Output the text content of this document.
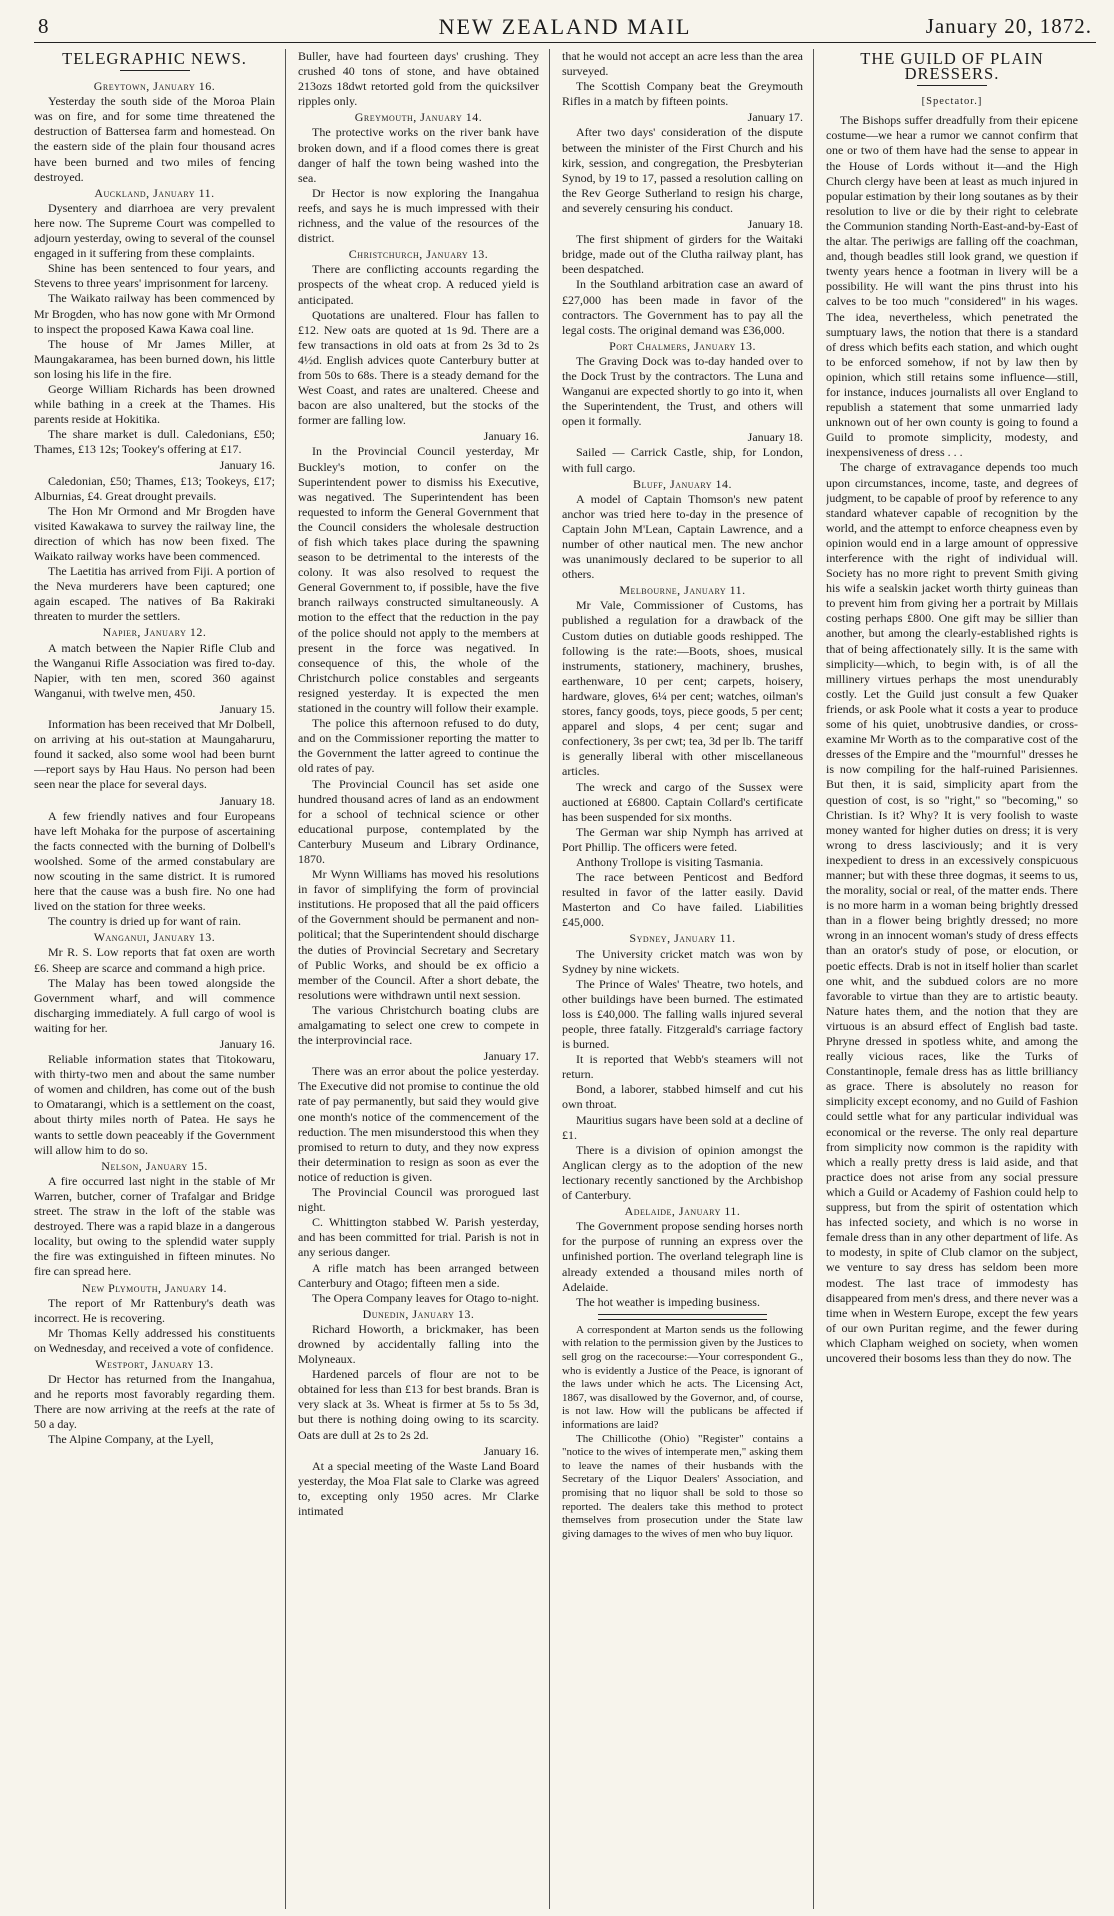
8	NEW ZEALAND MAIL	January 20, 1872.
TELEGRAPHIC NEWS.
Greytown, January 16.
Yesterday the south side of the Moroa Plain was on fire, and for some time threatened the destruction of Battersea farm and homestead. On the eastern side of the plain four thousand acres have been burned and two miles of fencing destroyed.
Auckland, January 11.
Dysentery and diarrhoea are very prevalent here now. The Supreme Court was compelled to adjourn yesterday, owing to several of the counsel engaged in it suffering from these complaints.
Shine has been sentenced to four years, and Stevens to three years' imprisonment for larceny.
The Waikato railway has been commenced by Mr Brogden, who has now gone with Mr Ormond to inspect the proposed Kawa Kawa coal line.
The house of Mr James Miller, at Maungakaramea, has been burned down, his little son losing his life in the fire.
George William Richards has been drowned while bathing in a creek at the Thames. His parents reside at Hokitika.
The share market is dull. Caledonians, £50; Thames, £13 12s; Tookey's offering at £17.
January 16.
Caledonian, £50; Thames, £13; Tookeys, £17; Alburnias, £4. Great drought prevails.
The Hon Mr Ormond and Mr Brogden have visited Kawakawa to survey the railway line, the direction of which has now been fixed. The Waikato railway works have been commenced.
The Laetitia has arrived from Fiji. A portion of the Neva murderers have been captured; one again escaped. The natives of Ba Rakiraki threaten to murder the settlers.
Napier, January 12.
A match between the Napier Rifle Club and the Wanganui Rifle Association was fired to-day. Napier, with ten men, scored 360 against Wanganui, with twelve men, 450.
January 15.
Information has been received that Mr Dolbell, on arriving at his out-station at Maungaharuru, found it sacked, also some wool had been burnt —report says by Hau Haus. No person had been seen near the place for several days.
January 18.
A few friendly natives and four Europeans have left Mohaka for the purpose of ascertaining the facts connected with the burning of Dolbell's woolshed. Some of the armed constabulary are now scouting in the same district. It is rumored here that the cause was a bush fire. No one had lived on the station for three weeks.
The country is dried up for want of rain.
Wanganui, January 13.
Mr R. S. Low reports that fat oxen are worth £6. Sheep are scarce and command a high price.
The Malay has been towed alongside the Government wharf, and will commence discharging immediately. A full cargo of wool is waiting for her.
January 16.
Reliable information states that Titokowaru, with thirty-two men and about the same number of women and children, has come out of the bush to Omatarangi, which is a settlement on the coast, about thirty miles north of Patea. He says he wants to settle down peaceably if the Government will allow him to do so.
Nelson, January 15.
A fire occurred last night in the stable of Mr Warren, butcher, corner of Trafalgar and Bridge street. The straw in the loft of the stable was destroyed. There was a rapid blaze in a dangerous locality, but owing to the splendid water supply the fire was extinguished in fifteen minutes. No fire can spread here.
New Plymouth, January 14.
The report of Mr Rattenbury's death was incorrect. He is recovering.
Mr Thomas Kelly addressed his constituents on Wednesday, and received a vote of confidence.
Westport, January 13.
Dr Hector has returned from the Inangahua, and he reports most favorably regarding them. There are now arriving at the reefs at the rate of 50 a day.
The Alpine Company, at the Lyell,
Buller, have had fourteen days' crushing. They crushed 40 tons of stone, and have obtained 213ozs 18dwt retorted gold from the quicksilver ripples only.
Greymouth, January 14.
The protective works on the river bank have broken down, and if a flood comes there is great danger of half the town being washed into the sea.
Dr Hector is now exploring the Inangahua reefs, and says he is much impressed with their richness, and the value of the resources of the district.
Christchurch, January 13.
There are conflicting accounts regarding the prospects of the wheat crop. A reduced yield is anticipated.
Quotations are unaltered. Flour has fallen to £12. New oats are quoted at 1s 9d. There are a few transactions in old oats at from 2s 3d to 2s 4½d. English advices quote Canterbury butter at from 50s to 68s. There is a steady demand for the West Coast, and rates are unaltered. Cheese and bacon are also unaltered, but the stocks of the former are falling low.
January 16.
In the Provincial Council yesterday, Mr Buckley's motion, to confer on the Superintendent power to dismiss his Executive, was negatived. The Superintendent has been requested to inform the General Government that the Council considers the wholesale destruction of fish which takes place during the spawning season to be detrimental to the interests of the colony. It was also resolved to request the General Government to, if possible, have the five branch railways constructed simultaneously. A motion to the effect that the reduction in the pay of the police should not apply to the members at present in the force was negatived. In consequence of this, the whole of the Christchurch police constables and sergeants resigned yesterday. It is expected the men stationed in the country will follow their example.
The police this afternoon refused to do duty, and on the Commissioner reporting the matter to the Government the latter agreed to continue the old rates of pay.
The Provincial Council has set aside one hundred thousand acres of land as an endowment for a school of technical science or other educational purpose, contemplated by the Canterbury Museum and Library Ordinance, 1870.
Mr Wynn Williams has moved his resolutions in favor of simplifying the form of provincial institutions. He proposed that all the paid officers of the Government should be permanent and non-political; that the Superintendent should discharge the duties of Provincial Secretary and Secretary of Public Works, and should be ex officio a member of the Council. After a short debate, the resolutions were withdrawn until next session.
The various Christchurch boating clubs are amalgamating to select one crew to compete in the interprovincial race.
January 17.
There was an error about the police yesterday. The Executive did not promise to continue the old rate of pay permanently, but said they would give one month's notice of the commencement of the reduction. The men misunderstood this when they promised to return to duty, and they now express their determination to resign as soon as ever the notice of reduction is given.
The Provincial Council was prorogued last night.
C. Whittington stabbed W. Parish yesterday, and has been committed for trial. Parish is not in any serious danger.
A rifle match has been arranged between Canterbury and Otago; fifteen men a side.
The Opera Company leaves for Otago to-night.
Dunedin, January 13.
Richard Howorth, a brickmaker, has been drowned by accidentally falling into the Molyneaux.
Hardened parcels of flour are not to be obtained for less than £13 for best brands. Bran is very slack at 3s. Wheat is firmer at 5s to 5s 3d, but there is nothing doing owing to its scarcity. Oats are dull at 2s to 2s 2d.
January 16.
At a special meeting of the Waste Land Board yesterday, the Moa Flat sale to Clarke was agreed to, excepting only 1950 acres. Mr Clarke intimated
that he would not accept an acre less than the area surveyed.
The Scottish Company beat the Greymouth Rifles in a match by fifteen points.
January 17.
After two days' consideration of the dispute between the minister of the First Church and his kirk, session, and congregation, the Presbyterian Synod, by 19 to 17, passed a resolution calling on the Rev George Sutherland to resign his charge, and severely censuring his conduct.
January 18.
The first shipment of girders for the Waitaki bridge, made out of the Clutha railway plant, has been despatched.
In the Southland arbitration case an award of £27,000 has been made in favor of the contractors. The Government has to pay all the legal costs. The original demand was £36,000.
Port Chalmers, January 13.
The Graving Dock was to-day handed over to the Dock Trust by the contractors. The Luna and Wanganui are expected shortly to go into it, when the Superintendent, the Trust, and others will open it formally.
January 18.
Sailed — Carrick Castle, ship, for London, with full cargo.
Bluff, January 14.
A model of Captain Thomson's new patent anchor was tried here to-day in the presence of Captain John M'Lean, Captain Lawrence, and a number of other nautical men. The new anchor was unanimously declared to be superior to all others.
Melbourne, January 11.
Mr Vale, Commissioner of Customs, has published a regulation for a drawback of the Custom duties on dutiable goods reshipped. The following is the rate:—Boots, shoes, musical instruments, stationery, machinery, brushes, earthenware, 10 per cent; carpets, hoisery, hardware, gloves, 6¼ per cent; watches, oilman's stores, fancy goods, toys, piece goods, 5 per cent; apparel and slops, 4 per cent; sugar and confectionery, 3s per cwt; tea, 3d per lb. The tariff is generally liberal with other miscellaneous articles.
The wreck and cargo of the Sussex were auctioned at £6800. Captain Collard's certificate has been suspended for six months.
The German war ship Nymph has arrived at Port Phillip. The officers were feted.
Anthony Trollope is visiting Tasmania.
The race between Penticost and Bedford resulted in favor of the latter easily. David Masterton and Co have failed. Liabilities £45,000.
Sydney, January 11.
The University cricket match was won by Sydney by nine wickets.
The Prince of Wales' Theatre, two hotels, and other buildings have been burned. The estimated loss is £40,000. The falling walls injured several people, three fatally. Fitzgerald's carriage factory is burned.
It is reported that Webb's steamers will not return.
Bond, a laborer, stabbed himself and cut his own throat.
Mauritius sugars have been sold at a decline of £1.
There is a division of opinion amongst the Anglican clergy as to the adoption of the new lectionary recently sanctioned by the Archbishop of Canterbury.
Adelaide, January 11.
The Government propose sending horses north for the purpose of running an express over the unfinished portion. The overland telegraph line is already extended a thousand miles north of Adelaide.
The hot weather is impeding business.
A correspondent at Marton sends us the following with relation to the permission given by the Justices to sell grog on the racecourse:—Your correspondent G., who is evidently a Justice of the Peace, is ignorant of the laws under which he acts. The Licensing Act, 1867, was disallowed by the Governor, and, of course, is not law. How will the publicans be affected if informations are laid?
The Chillicothe (Ohio) "Register" contains a "notice to the wives of intemperate men," asking them to leave the names of their husbands with the Secretary of the Liquor Dealers' Association, and promising that no liquor shall be sold to those so reported. The dealers take this method to protect themselves from prosecution under the State law giving damages to the wives of men who buy liquor.
THE GUILD OF PLAIN DRESSERS.
[Spectator.]
The Bishops suffer dreadfully from their epicene costume—we hear a rumor we cannot confirm that one or two of them have had the sense to appear in the House of Lords without it—and the High Church clergy have been at least as much injured in popular estimation by their long soutanes as by their resolution to live or die by their right to celebrate the Communion standing North-East-and-by-East of the altar. The periwigs are falling off the coachman, and, though beadles still look grand, we question if twenty years hence a footman in livery will be a possibility. He will want the pins thrust into his calves to be too much "considered" in his wages. The idea, nevertheless, which penetrated the sumptuary laws, the notion that there is a standard of dress which befits each station, and which ought to be enforced somehow, if not by law then by opinion, which still retains some influence—still, for instance, induces journalists all over England to republish a statement that some unmarried lady unknown out of her own county is going to found a Guild to promote simplicity, modesty, and inexpensiveness of dress . . .
The charge of extravagance depends too much upon circumstances, income, taste, and degrees of judgment, to be capable of proof by reference to any standard whatever capable of recognition by the world, and the attempt to enforce cheapness even by opinion would end in a large amount of oppressive interference with the right of individual will. Society has no more right to prevent Smith giving his wife a sealskin jacket worth thirty guineas than to prevent him from giving her a portrait by Millais costing perhaps £800. One gift may be sillier than another, but among the clearly-established rights is that of being affectionately silly. It is the same with simplicity—which, to begin with, is of all the millinery virtues perhaps the most unendurably costly. Let the Guild just consult a few Quaker friends, or ask Poole what it costs a year to produce some of his quiet, unobtrusive dandies, or cross-examine Mr Worth as to the comparative cost of the dresses of the Empire and the "mournful" dresses he is now compiling for the half-ruined Parisiennes. But then, it is said, simplicity apart from the question of cost, is so "right," so "becoming," so Christian. Is it? Why? It is very foolish to waste money wanted for higher duties on dress; it is very wrong to dress lasciviously; and it is very inexpedient to dress in an excessively conspicuous manner; but with these three dogmas, it seems to us, the morality, social or real, of the matter ends. There is no more harm in a woman being brightly dressed than in a flower being brightly dressed; no more wrong in an innocent woman's study of dress effects than an orator's study of pose, or elocution, or poetic effects. Drab is not in itself holier than scarlet one whit, and the subdued colors are no more favorable to virtue than they are to artistic beauty. Nature hates them, and the notion that they are virtuous is an absurd effect of English bad taste. Phryne dressed in spotless white, and among the really vicious races, like the Turks of Constantinople, female dress has as little brilliancy as grace. There is absolutely no reason for simplicity except economy, and no Guild of Fashion could settle what for any particular individual was economical or the reverse. The only real departure from simplicity now common is the rapidity with which a really pretty dress is laid aside, and that practice does not arise from any social pressure which a Guild or Academy of Fashion could help to suppress, but from the spirit of ostentation which has infected society, and which is no worse in female dress than in any other department of life. As to modesty, in spite of Club clamor on the subject, we venture to say dress has seldom been more modest. The last trace of immodesty has disappeared from men's dress, and there never was a time when in Western Europe, except the few years of our own Puritan regime, and the fewer during which Clapham weighed on society, when women uncovered their bosoms less than they do now. The
